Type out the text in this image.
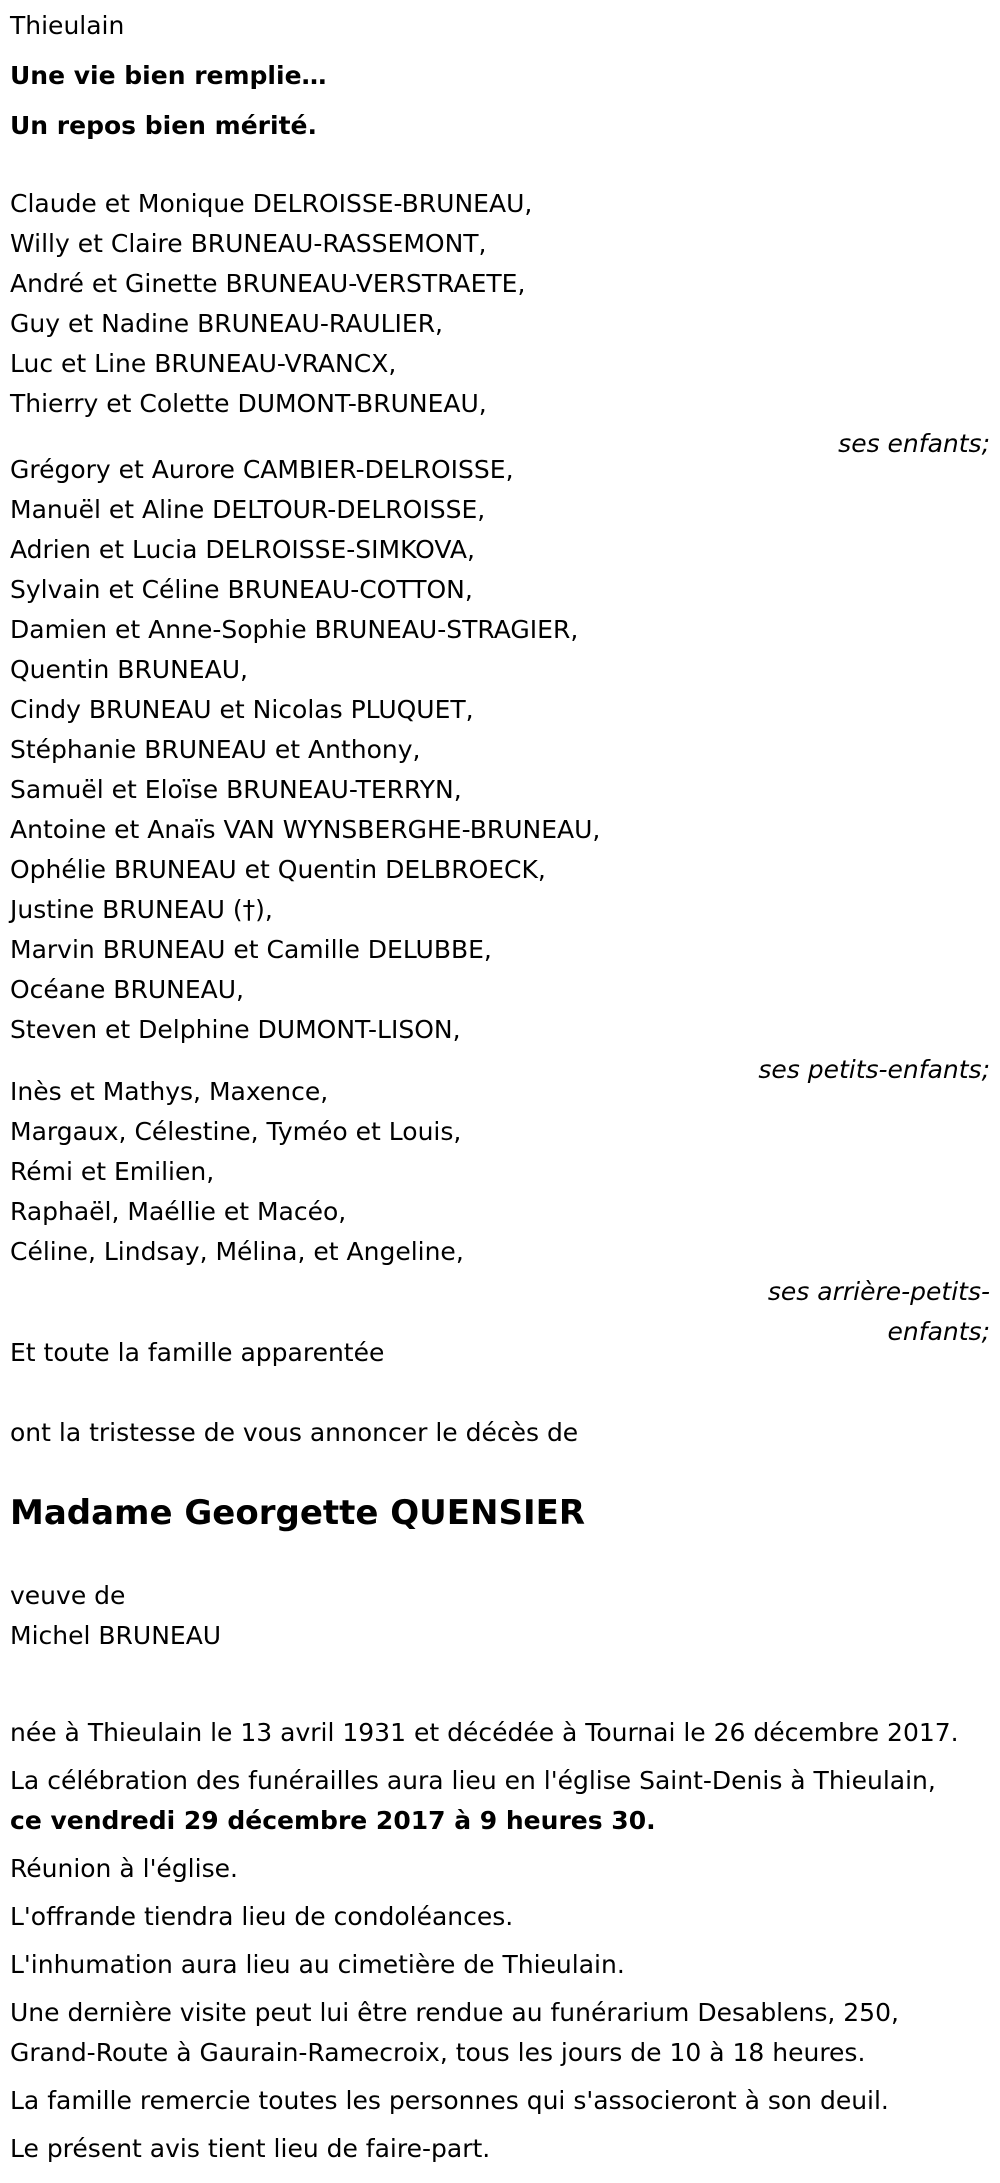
Thieulain
Une vie bien remplie…
Un repos bien mérité.
Claude et Monique DELROISSE-BRUNEAU,
Willy et Claire BRUNEAU-RASSEMONT,
André et Ginette BRUNEAU-VERSTRAETE,
Guy et Nadine BRUNEAU-RAULIER,
Luc et Line BRUNEAU-VRANCX,
Thierry et Colette DUMONT-BRUNEAU,
ses enfants;
Grégory et Aurore CAMBIER-DELROISSE,
Manuël et Aline DELTOUR-DELROISSE,
Adrien et Lucia DELROISSE-SIMKOVA,
Sylvain et Céline BRUNEAU-COTTON,
Damien et Anne-Sophie BRUNEAU-STRAGIER,
Quentin BRUNEAU,
Cindy BRUNEAU et Nicolas PLUQUET,
Stéphanie BRUNEAU et Anthony,
Samuël et Eloïse BRUNEAU-TERRYN,
Antoine et Anaïs VAN WYNSBERGHE-BRUNEAU,
Ophélie BRUNEAU et Quentin DELBROECK,
Justine BRUNEAU (†),
Marvin BRUNEAU et Camille DELUBBE,
Océane BRUNEAU,
Steven et Delphine DUMONT-LISON,
ses petits-enfants;
Inès et Mathys, Maxence,
Margaux, Célestine, Tyméo et Louis,
Rémi et Emilien,
Raphaël, Maéllie et Macéo,
Céline, Lindsay, Mélina, et Angeline,
ses arrière-petits-
enfants;
Et toute la famille apparentée
ont la tristesse de vous annoncer le décès de
Madame Georgette QUENSIER
veuve de
Michel BRUNEAU
née à Thieulain le 13 avril 1931 et décédée à Tournai le 26 décembre 2017.
La célébration des funérailles aura lieu en l'église Saint-Denis à Thieulain,
ce vendredi 29 décembre 2017 à 9 heures 30.
Réunion à l'église.
L'offrande tiendra lieu de condoléances.
L'inhumation aura lieu au cimetière de Thieulain.
Une dernière visite peut lui être rendue au funérarium Desablens, 250,
Grand-Route à Gaurain-Ramecroix, tous les jours de 10 à 18 heures.
La famille remercie toutes les personnes qui s'associeront à son deuil.
Le présent avis tient lieu de faire-part.
